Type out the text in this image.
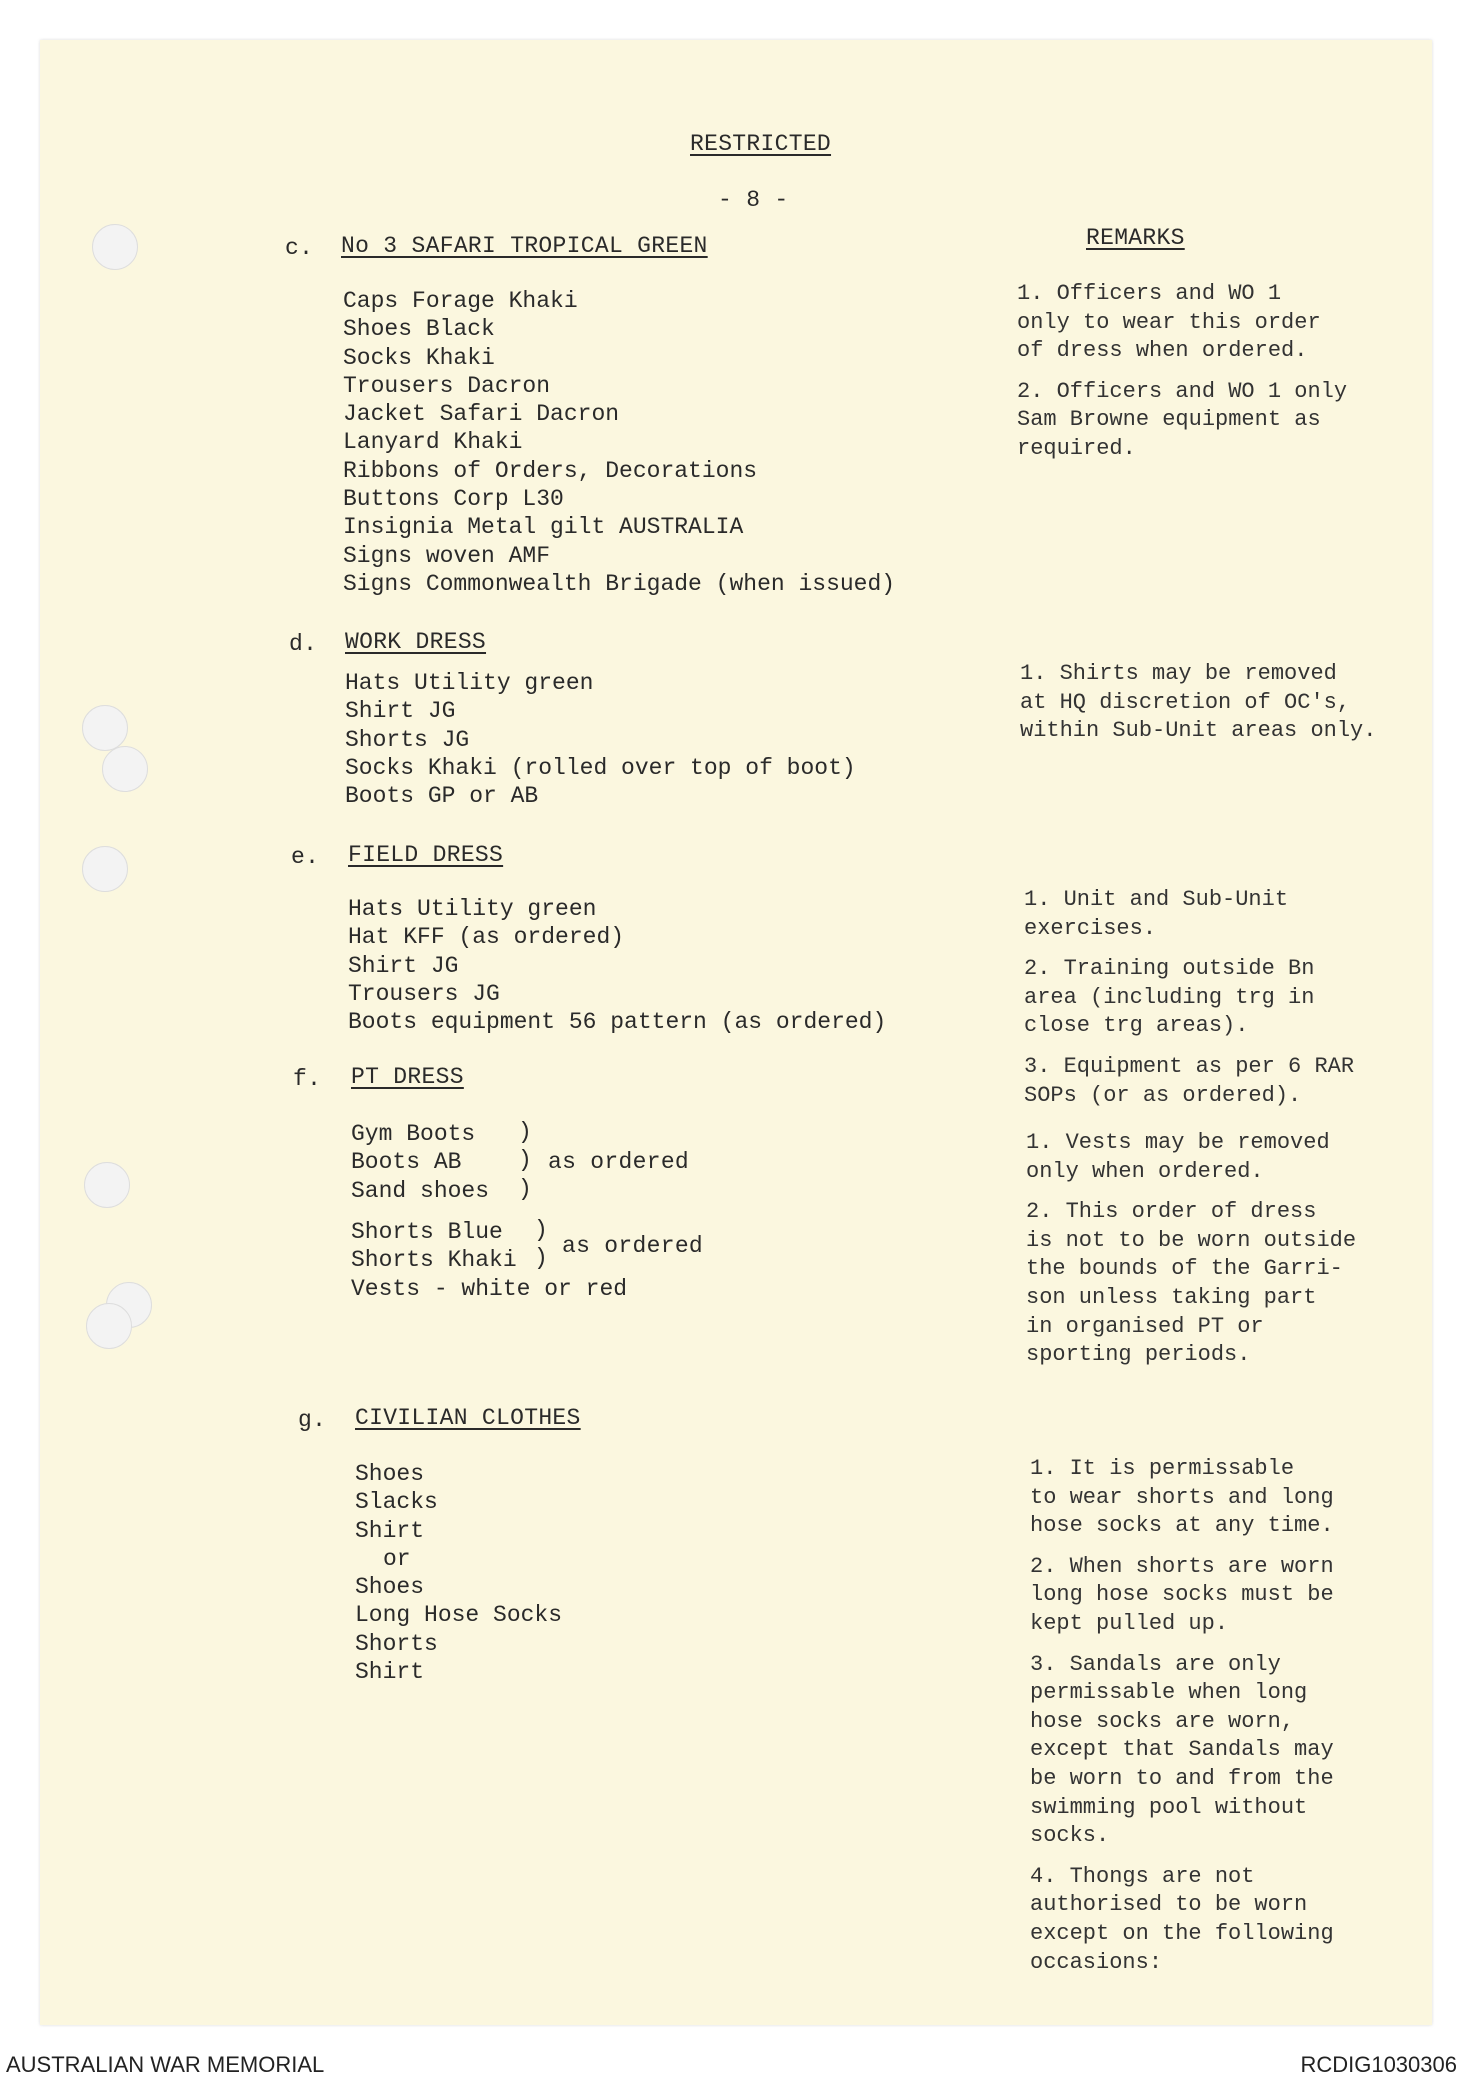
RESTRICTED
- 8 -
REMARKS
c. No 3 SAFARI TROPICAL GREEN
Caps Forage Khaki
Shoes Black
Socks Khaki
Trousers Dacron
Jacket Safari Dacron
Lanyard Khaki
Ribbons of Orders, Decorations
Buttons Corp L30
Insignia Metal gilt AUSTRALIA
Signs woven AMF
Signs Commonwealth Brigade (when issued)

1. Officers and WO 1
only to wear this order
of dress when ordered.

2. Officers and WO 1 only
Sam Browne equipment as
required.

d. WORK DRESS
Hats Utility green
Shirt JG
Shorts JG
Socks Khaki (rolled over top of boot)
Boots GP or AB

1. Shirts may be removed
at HQ discretion of OC's,
within Sub-Unit areas only.

e. FIELD DRESS
Hats Utility green
Hat KFF (as ordered)
Shirt JG
Trousers JG
Boots equipment 56 pattern (as ordered)

1. Unit and Sub-Unit
exercises.

2. Training outside Bn
area (including trg in
close trg areas).

3. Equipment as per 6 RAR
SOPs (or as ordered).

f. PT DRESS
Gym Boots
Boots AB
Sand shoes
)
)
)
as ordered
Shorts Blue
Shorts Khaki
)
) as ordered
Vests - white or red

1. Vests may be removed
only when ordered.

2. This order of dress
is not to be worn outside
the bounds of the Garri-
son unless taking part
in organised PT or
sporting periods.

g. CIVILIAN CLOTHES
Shoes
Slacks
Shirt
or
Shoes
Long Hose Socks
Shorts
Shirt

1. It is permissable
to wear shorts and long
hose socks at any time.

2. When shorts are worn
long hose socks must be
kept pulled up.

3. Sandals are only
permissable when long
hose socks are worn,
except that Sandals may
be worn to and from the
swimming pool without
socks.

4. Thongs are not
authorised to be worn
except on the following
occasions:

AUSTRALIAN WAR MEMORIAL	RCDIG1030306
